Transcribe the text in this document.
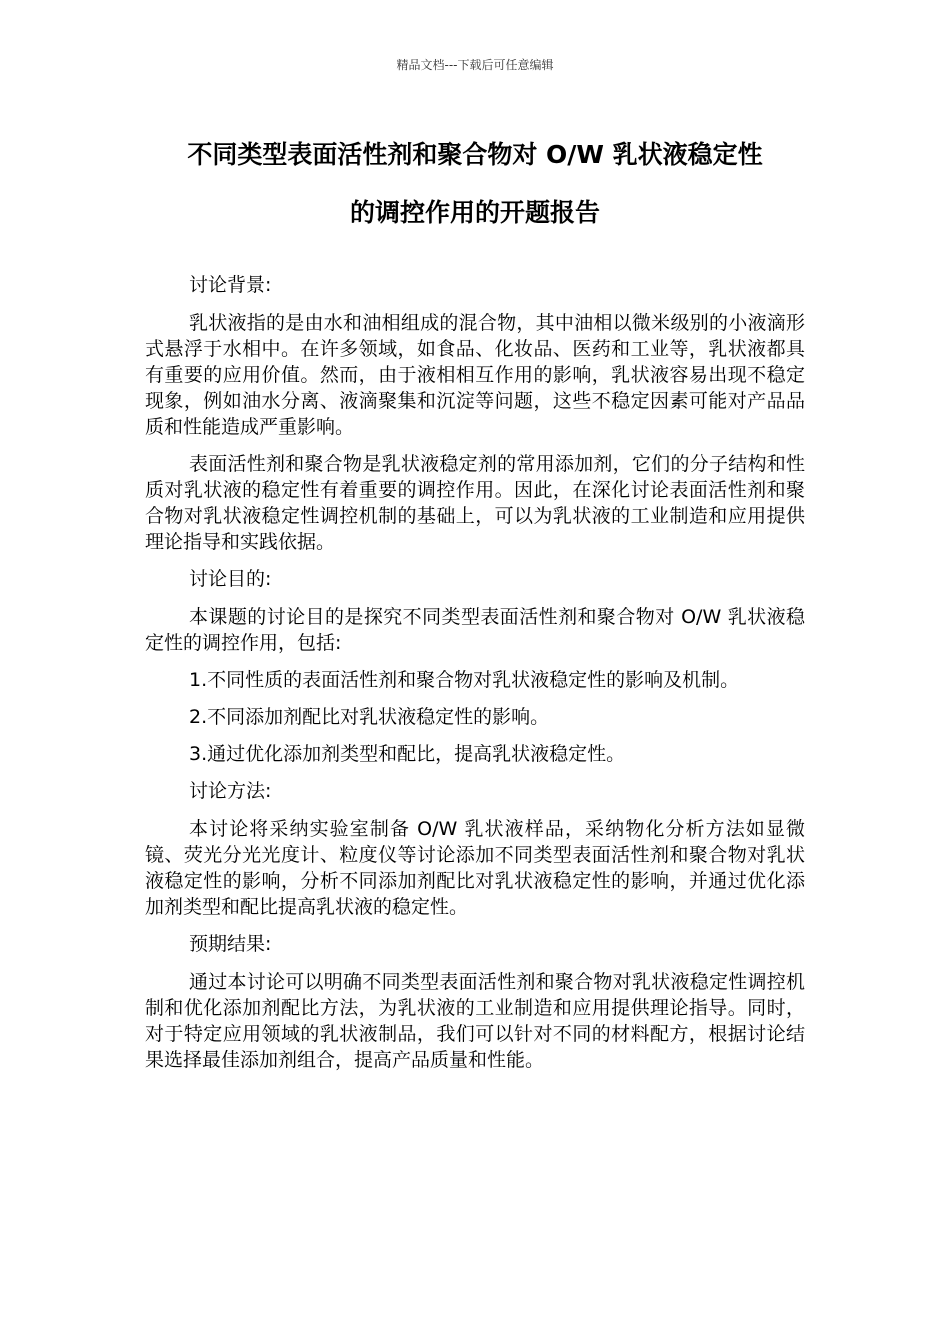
精品文档---下载后可任意编辑
不同类型表面活性剂和聚合物对 O/W 乳状液稳定性
的调控作用的开题报告

讨论背景:

乳状液指的是由水和油相组成的混合物，其中油相以微米级别的小液滴形式悬浮于水相中。在许多领域，如食品、化妆品、医药和工业等，乳状液都具有重要的应用价值。然而，由于液相相互作用的影响，乳状液容易出现不稳定现象，例如油水分离、液滴聚集和沉淀等问题，这些不稳定因素可能对产品品质和性能造成严重影响。

表面活性剂和聚合物是乳状液稳定剂的常用添加剂，它们的分子结构和性质对乳状液的稳定性有着重要的调控作用。因此，在深化讨论表面活性剂和聚合物对乳状液稳定性调控机制的基础上，可以为乳状液的工业制造和应用提供理论指导和实践依据。

讨论目的:

本课题的讨论目的是探究不同类型表面活性剂和聚合物对 O/W 乳状液稳定性的调控作用，包括:

1.不同性质的表面活性剂和聚合物对乳状液稳定性的影响及机制。

2.不同添加剂配比对乳状液稳定性的影响。

3.通过优化添加剂类型和配比，提高乳状液稳定性。

讨论方法:

本讨论将采纳实验室制备 O/W 乳状液样品，采纳物化分析方法如显微镜、荧光分光光度计、粒度仪等讨论添加不同类型表面活性剂和聚合物对乳状液稳定性的影响，分析不同添加剂配比对乳状液稳定性的影响，并通过优化添加剂类型和配比提高乳状液的稳定性。

预期结果:

通过本讨论可以明确不同类型表面活性剂和聚合物对乳状液稳定性调控机制和优化添加剂配比方法，为乳状液的工业制造和应用提供理论指导。同时，对于特定应用领域的乳状液制品，我们可以针对不同的材料配方，根据讨论结果选择最佳添加剂组合，提高产品质量和性能。
